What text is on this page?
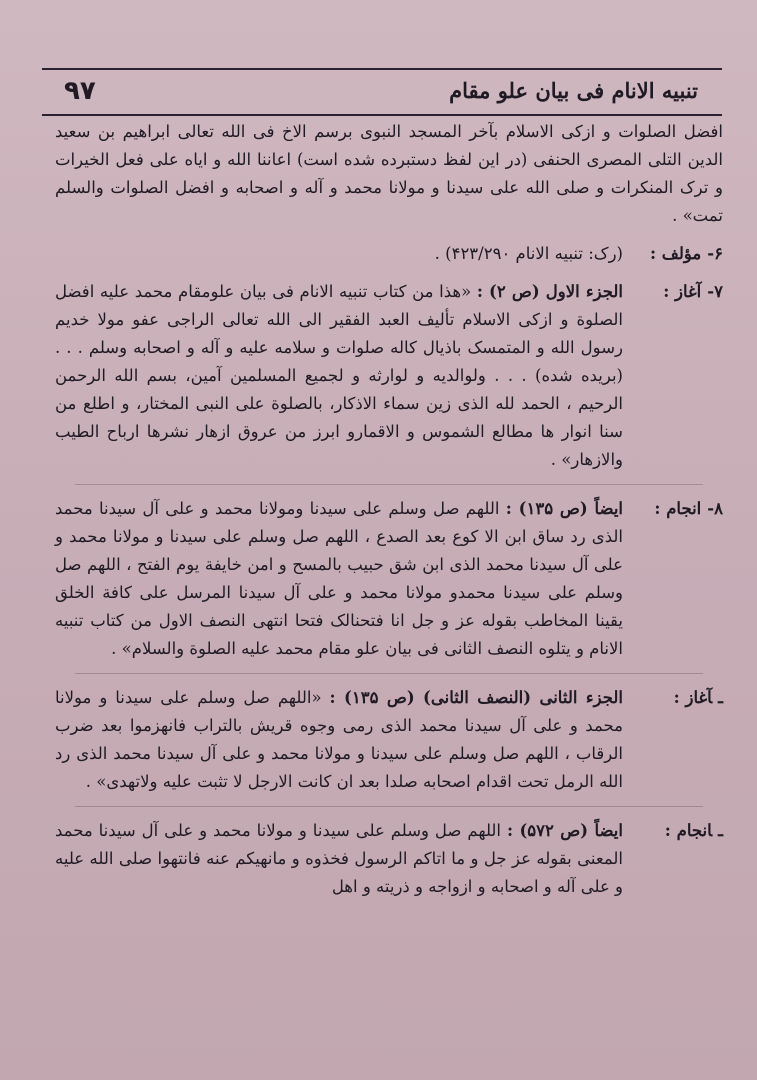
۹۷	تنبیه الانام فی بیان علو مقام

افضل الصلوات و ازکی الاسلام بآخر المسجد النبوی برسم الاخ فی الله تعالی ابراهیم بن سعید الدین التلی المصری الحنفی (در این لفظ دستبرده شده است) اعاننا الله و ایاه علی فعل الخیرات و ترک المنکرات و صلی الله علی سیدنا و مولانا محمد و آله و اصحابه و افضل الصلوات والسلم تمت» .

۶-مؤلف :
(رک: تنبیه الانام ۴۲۳/۲۹۰) .
۷-آغاز :
الجزء الاول (ص ۲) : «هذا من کتاب تنبیه الانام فی بیان علومقام محمد علیه افضل الصلوة و ازکی الاسلام تألیف العبد الفقیر الی الله تعالی الراجی عفو مولا خدیم رسول الله و المتمسک باذیال کاله صلوات و سلامه علیه و آله و اصحابه وسلم . . . (بریده شده) . . . ولوالدیه و لوارثه و لجمیع المسلمین آمین، بسم الله الرحمن الرحیم ، الحمد لله الذی زین سماء الاذکار، بالصلوة علی النبی المختار، و اطلع من سنا انوار ها مطالع الشموس و الاقمارو ابرز من عروق ازهار نشرها ارباح الطیب والازهار» .
۸-انجام :
ایضاً (ص ۱۳۵) : اللهم صل وسلم علی سیدنا ومولانا محمد و علی آل سیدنا محمد الذی رد ساق ابن الا کوع بعد الصدع ، اللهم صل وسلم علی سیدنا و مولانا محمد و علی آل سیدنا محمد الذی ابن شق حبیب بالمسح و امن خایفة یوم الفتح ، اللهم صل وسلم علی سیدنا محمدو مولانا محمد و علی آل سیدنا المرسل علی کافة الخلق یقینا المخاطب بقوله عز و جل انا فتحنالک فتحا انتهی النصف الاول من کتاب تنبیه الانام و یتلوه النصف الثانی فی بیان علو مقام محمد علیه الصلوة والسلام» .
ـآغاز :
الجزء الثانی (النصف الثانی) (ص ۱۳۵) : «اللهم صل وسلم علی سیدنا و مولانا محمد و علی آل سیدنا محمد الذی رمی وجوه قریش بالتراب فانهزموا بعد ضرب الرقاب ، اللهم صل وسلم علی سیدنا و مولانا محمد و علی آل سیدنا محمد الذی رد الله الرمل تحت اقدام اصحابه صلدا بعد ان کانت الارجل لا تثبت علیه ولاتهدی» .
ـانجام :
ایضاً (ص ۵۷۲) : اللهم صل وسلم علی سیدنا و مولانا محمد و علی آل سیدنا محمد المعنی بقوله عز جل و ما اتاکم الرسول فخذوه و مانهیکم عنه فانتهوا صلی الله علیه و علی آله و اصحابه و ازواجه و ذریته و اهل
